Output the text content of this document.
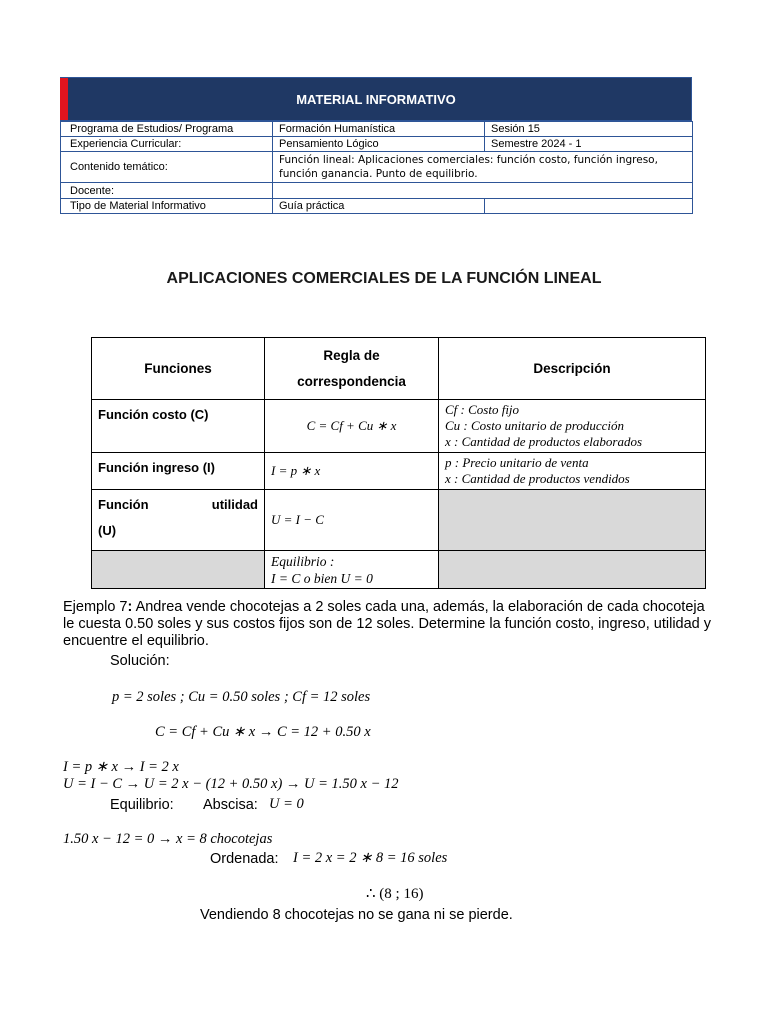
MATERIAL INFORMATIVO
Programa de Estudios/ Programa	Formación Humanística	Sesión 15
Experiencia Curricular:	Pensamiento Lógico	Semestre 2024 - 1
Contenido temático:	Función lineal: Aplicaciones comerciales: función costo, función ingreso, función ganancia. Punto de equilibrio.	
Docente:		
Tipo de Material Informativo	Guía práctica	
APLICACIONES COMERCIALES DE LA FUNCIÓN LINEAL
Funciones	Regla de correspondencia	Descripción
Función costo (C)	C = Cf + Cu ∗ x	Cf : Costo fijo
Cu : Costo unitario de producción
x : Cantidad de productos elaborados

Función ingreso (I)	I = p ∗ x	p : Precio unitario de venta
x : Cantidad de productos vendidos

Función utilidad
(U)	U = I − C	

	Equilibrio :
I = C o bien U = 0	

Ejemplo 7: Andrea vende chocotejas a 2 soles cada una, además, la elaboración de cada chocoteja le cuesta 0.50 soles y sus costos fijos son de 12 soles. Determine la función costo, ingreso, utilidad y encuentre el equilibrio.
Solución:
p = 2 soles ; Cu = 0.50 soles ; Cf = 12 soles
C = Cf + Cu ∗ x → C = 12 + 0.50 x
I = p ∗ x → I = 2 x
U = I − C → U = 2 x − (12 + 0.50 x) → U = 1.50 x − 12
Equilibrio: Abscisa: U = 0
1.50 x − 12 = 0 → x = 8 chocotejas
Ordenada: I = 2 x = 2 ∗ 8 = 16 soles
∴ (8 ; 16)
Vendiendo 8 chocotejas no se gana ni se pierde.
